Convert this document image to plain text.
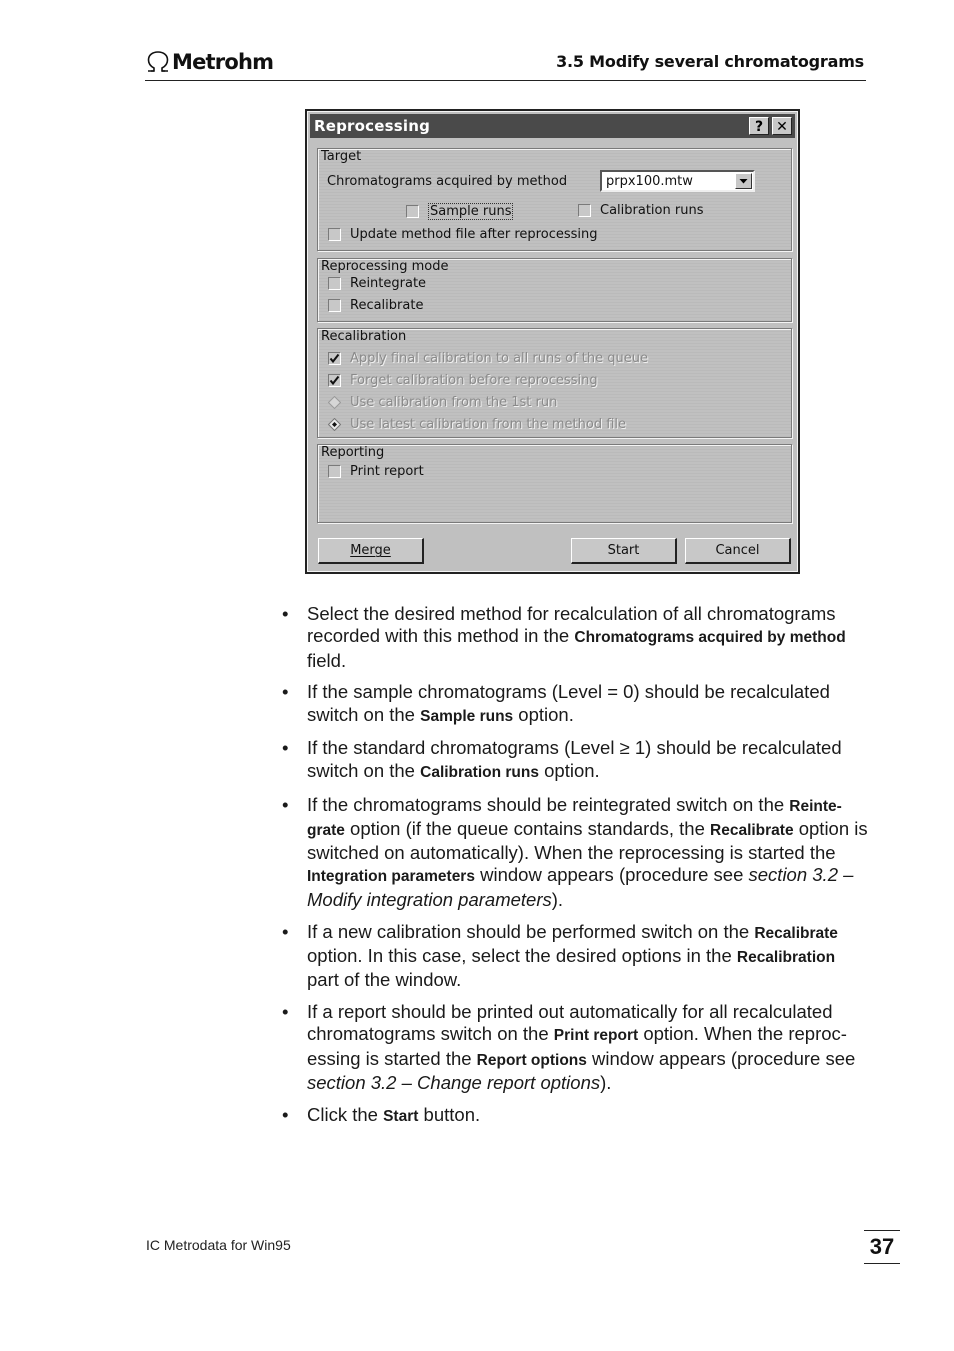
Metrohm	3.5 Modify several chromatograms
Reprocessing	? ✕
Target
Chromatograms acquired by method	prpx100.mtw
Sample runs	Calibration runs
Update method file after reprocessing
Reprocessing mode
Reintegrate
Recalibrate
Recalibration
Apply final calibration to all runs of the queue
Forget calibration before reprocessing
Use calibration from the 1st run
Use latest calibration from the method file
Reporting
Print report
Merge	Start	Cancel
• Select the desired method for recalculation of all chromatograms recorded with this method in the Chromatograms acquired by method field.
• If the sample chromatograms (Level = 0) should be recalculated switch on the Sample runs option.
• If the standard chromatograms (Level ≥ 1) should be recalculated switch on the Calibration runs option.
• If the chromatograms should be reintegrated switch on the Reinte-grate option (if the queue contains standards, the Recalibrate option is switched on automatically). When the reprocessing is started the Integration parameters window appears (procedure see section 3.2 – Modify integration parameters).
• If a new calibration should be performed switch on the Recalibrate option. In this case, select the desired options in the Recalibration part of the window.
• If a report should be printed out automatically for all recalculated chromatograms switch on the Print report option. When the reproc-essing is started the Report options window appears (procedure see section 3.2 – Change report options).
• Click the Start button.
IC Metrodata for Win95	37
